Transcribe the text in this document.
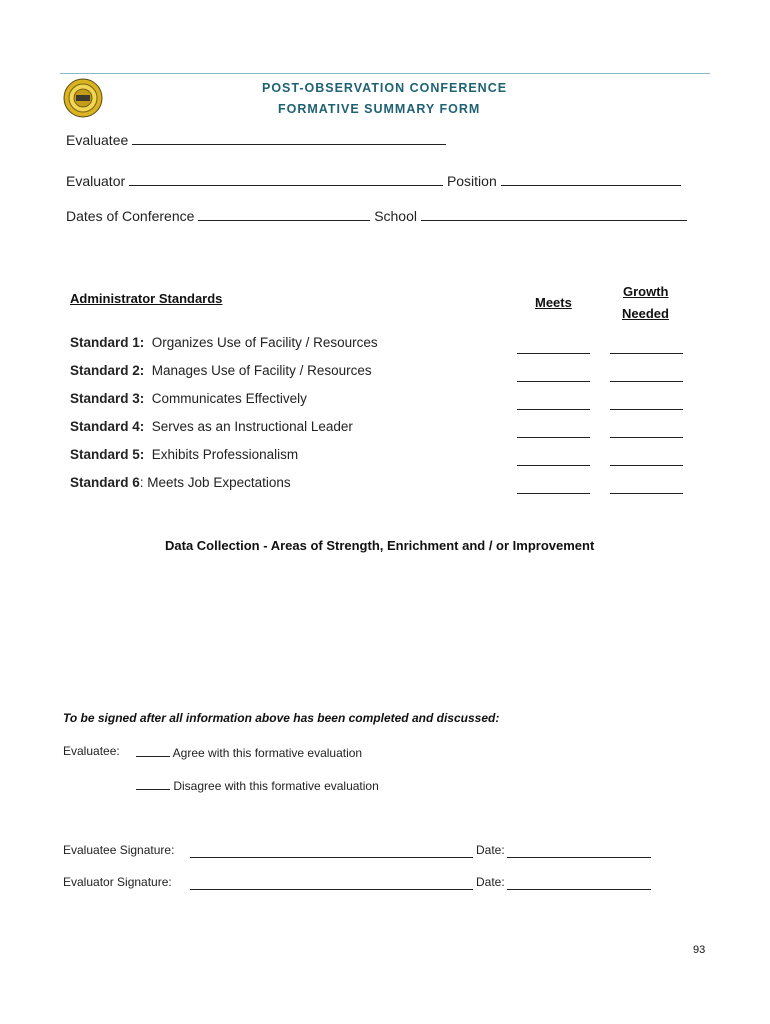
POST-OBSERVATION CONFERENCE
FORMATIVE SUMMARY FORM
Evaluatee
Evaluator	Position
Dates of Conference	School
Administrator Standards	Meets
Growth
Needed
Standard 1: Organizes Use of Facility / Resources
Standard 2: Manages Use of Facility / Resources
Standard 3: Communicates Effectively
Standard 4: Serves as an Instructional Leader
Standard 5: Exhibits Professionalism
Standard 6: Meets Job Expectations
Data Collection - Areas of Strength, Enrichment and / or Improvement
To be signed after all information above has been completed and discussed:
Evaluatee:	Agree with this formative evaluation
Disagree with this formative evaluation
Evaluatee Signature:	Date:
Evaluator Signature:	Date:
93
